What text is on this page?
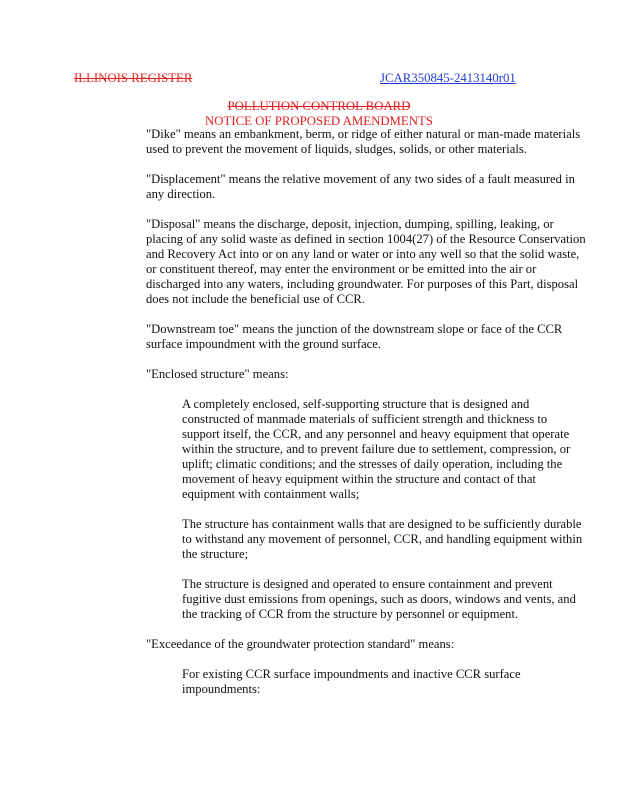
ILLINOIS REGISTER	JCAR350845-2413140r01
POLLUTION CONTROL BOARD
NOTICE OF PROPOSED AMENDMENTS

"Dike" means an embankment, berm, or ridge of either natural or man-made materials used to prevent the movement of liquids, sludges, solids, or other materials.

"Displacement" means the relative movement of any two sides of a fault measured in any direction.

"Disposal" means the discharge, deposit, injection, dumping, spilling, leaking, or placing of any solid waste as defined in section 1004(27) of the Resource Conservation and Recovery Act into or on any land or water or into any well so that the solid waste, or constituent thereof, may enter the environment or be emitted into the air or discharged into any waters, including groundwater. For purposes of this Part, disposal does not include the beneficial use of CCR.

"Downstream toe" means the junction of the downstream slope or face of the CCR surface impoundment with the ground surface.

"Enclosed structure" means:

A completely enclosed, self-supporting structure that is designed and constructed of manmade materials of sufficient strength and thickness to support itself, the CCR, and any personnel and heavy equipment that operate within the structure, and to prevent failure due to settlement, compression, or uplift; climatic conditions; and the stresses of daily operation, including the movement of heavy equipment within the structure and contact of that equipment with containment walls;

The structure has containment walls that are designed to be sufficiently durable to withstand any movement of personnel, CCR, and handling equipment within the structure;

The structure is designed and operated to ensure containment and prevent fugitive dust emissions from openings, such as doors, windows and vents, and the tracking of CCR from the structure by personnel or equipment.

"Exceedance of the groundwater protection standard" means:

For existing CCR surface impoundments and inactive CCR surface impoundments:
